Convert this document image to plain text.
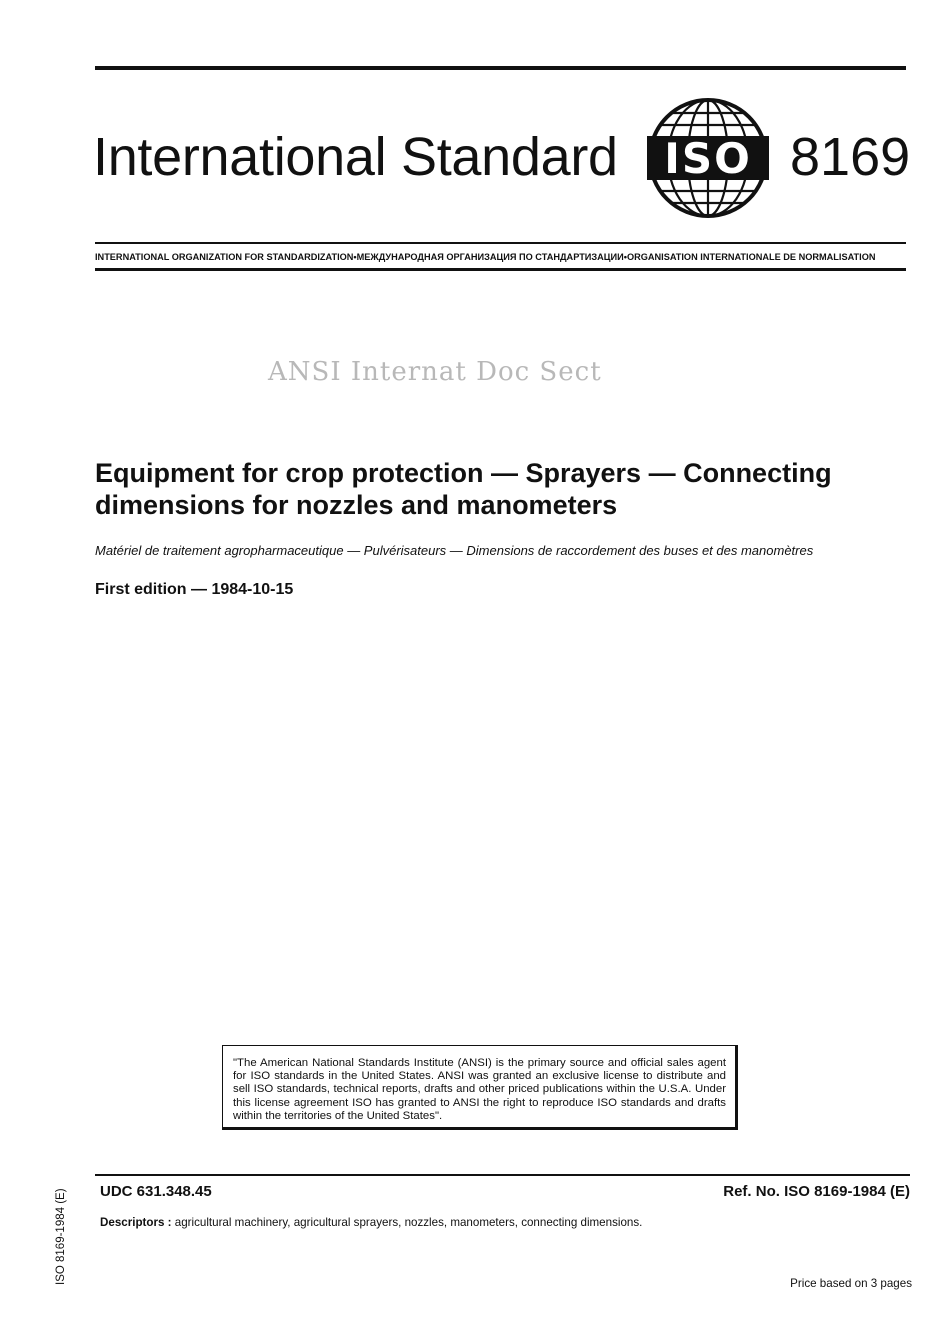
International Standard ISO 8169
INTERNATIONAL ORGANIZATION FOR STANDARDIZATION•МЕЖДУНАРОДНАЯ ОРГАНИЗАЦИЯ ПО СТАНДАРТИЗАЦИИ•ORGANISATION INTERNATIONALE DE NORMALISATION
ANSI Internat Doc Sect
Equipment for crop protection — Sprayers — Connecting
dimensions for nozzles and manometers
Matériel de traitement agropharmaceutique — Pulvérisateurs — Dimensions de raccordement des buses et des manomètres
First edition — 1984-10-15
"The American National Standards Institute (ANSI) is the primary source and official sales agent for ISO standards in the United States. ANSI was granted an exclusive license to distribute and sell ISO standards, technical reports, drafts and other priced publications within the U.S.A. Under this license agreement ISO has granted to ANSI the right to reproduce ISO standards and drafts within the territories of the United States".
UDC 631.348.45	Ref. No. ISO 8169-1984 (E)
Descriptors : agricultural machinery, agricultural sprayers, nozzles, manometers, connecting dimensions.
Price based on 3 pages
ISO 8169-1984 (E)
